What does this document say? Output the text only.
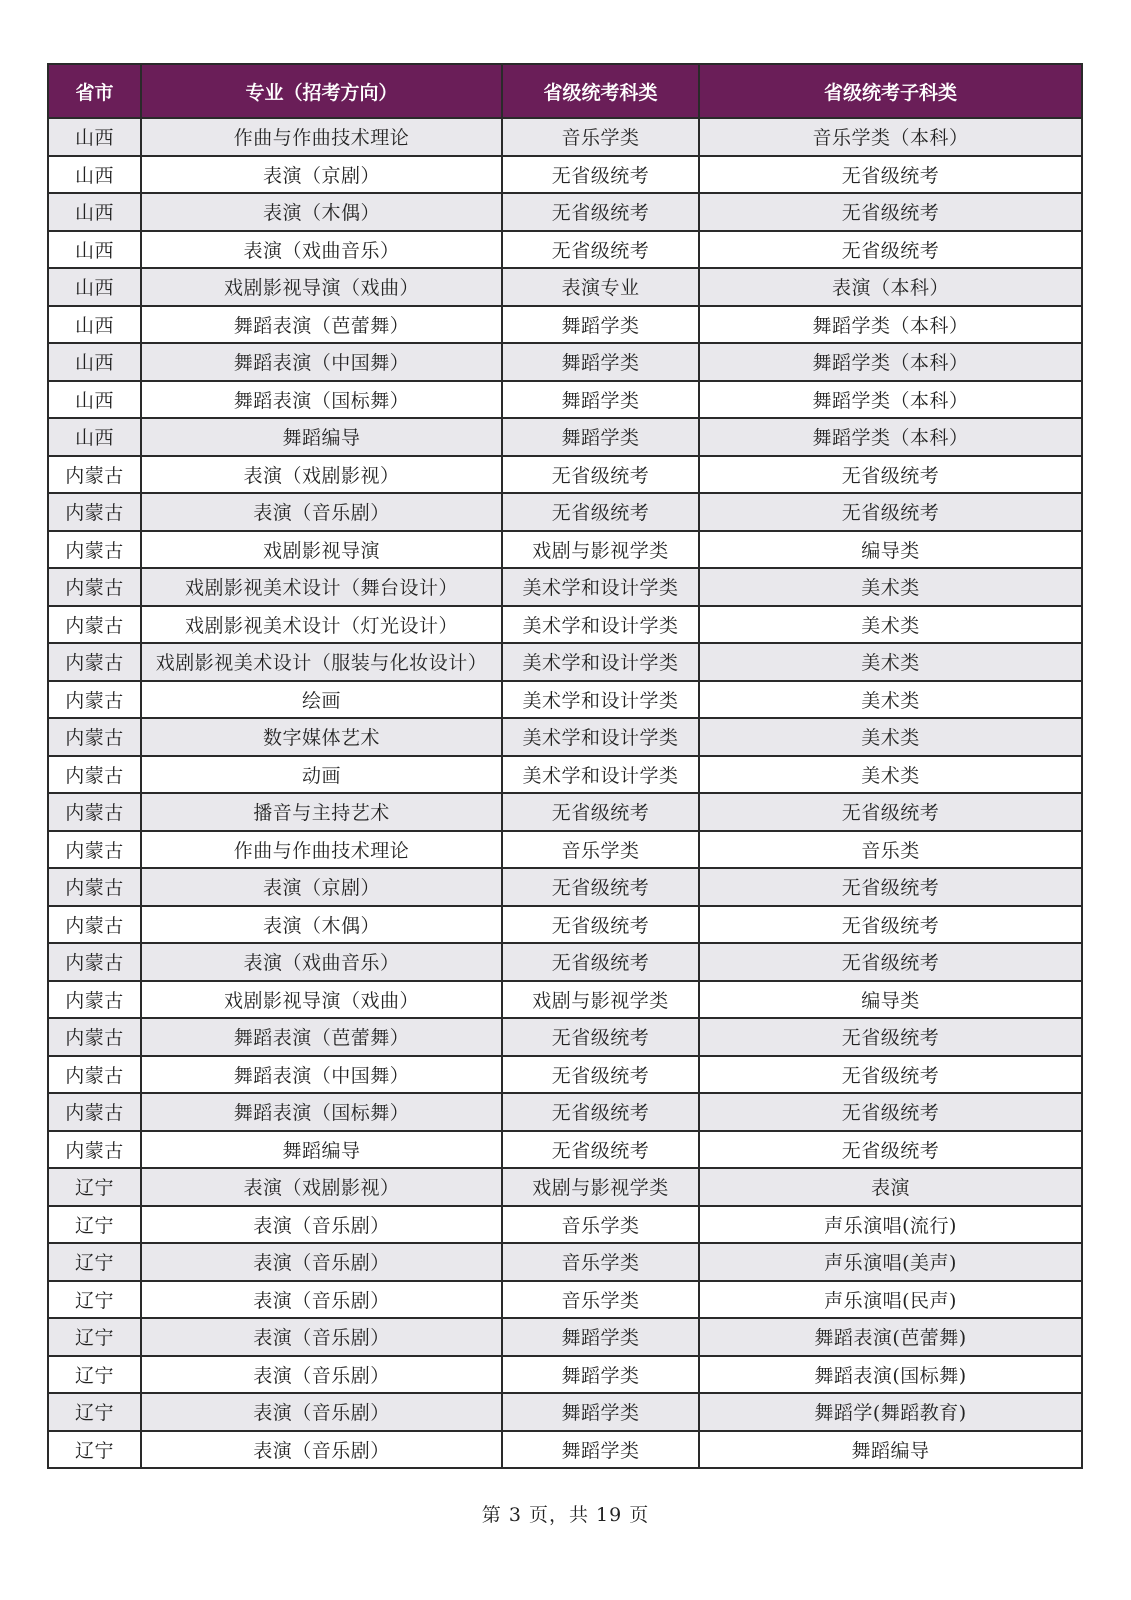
省市	专业（招考方向）	省级统考科类	省级统考子科类
山西	作曲与作曲技术理论	音乐学类	音乐学类（本科）
山西	表演（京剧）	无省级统考	无省级统考
山西	表演（木偶）	无省级统考	无省级统考
山西	表演（戏曲音乐）	无省级统考	无省级统考
山西	戏剧影视导演（戏曲）	表演专业	表演（本科）
山西	舞蹈表演（芭蕾舞）	舞蹈学类	舞蹈学类（本科）
山西	舞蹈表演（中国舞）	舞蹈学类	舞蹈学类（本科）
山西	舞蹈表演（国标舞）	舞蹈学类	舞蹈学类（本科）
山西	舞蹈编导	舞蹈学类	舞蹈学类（本科）
内蒙古	表演（戏剧影视）	无省级统考	无省级统考
内蒙古	表演（音乐剧）	无省级统考	无省级统考
内蒙古	戏剧影视导演	戏剧与影视学类	编导类
内蒙古	戏剧影视美术设计（舞台设计）	美术学和设计学类	美术类
内蒙古	戏剧影视美术设计（灯光设计）	美术学和设计学类	美术类
内蒙古	戏剧影视美术设计（服装与化妆设计）	美术学和设计学类	美术类
内蒙古	绘画	美术学和设计学类	美术类
内蒙古	数字媒体艺术	美术学和设计学类	美术类
内蒙古	动画	美术学和设计学类	美术类
内蒙古	播音与主持艺术	无省级统考	无省级统考
内蒙古	作曲与作曲技术理论	音乐学类	音乐类
内蒙古	表演（京剧）	无省级统考	无省级统考
内蒙古	表演（木偶）	无省级统考	无省级统考
内蒙古	表演（戏曲音乐）	无省级统考	无省级统考
内蒙古	戏剧影视导演（戏曲）	戏剧与影视学类	编导类
内蒙古	舞蹈表演（芭蕾舞）	无省级统考	无省级统考
内蒙古	舞蹈表演（中国舞）	无省级统考	无省级统考
内蒙古	舞蹈表演（国标舞）	无省级统考	无省级统考
内蒙古	舞蹈编导	无省级统考	无省级统考
辽宁	表演（戏剧影视）	戏剧与影视学类	表演
辽宁	表演（音乐剧）	音乐学类	声乐演唱(流行)
辽宁	表演（音乐剧）	音乐学类	声乐演唱(美声)
辽宁	表演（音乐剧）	音乐学类	声乐演唱(民声)
辽宁	表演（音乐剧）	舞蹈学类	舞蹈表演(芭蕾舞)
辽宁	表演（音乐剧）	舞蹈学类	舞蹈表演(国标舞)
辽宁	表演（音乐剧）	舞蹈学类	舞蹈学(舞蹈教育)
辽宁	表演（音乐剧）	舞蹈学类	舞蹈编导
第 3 页，共 19 页
